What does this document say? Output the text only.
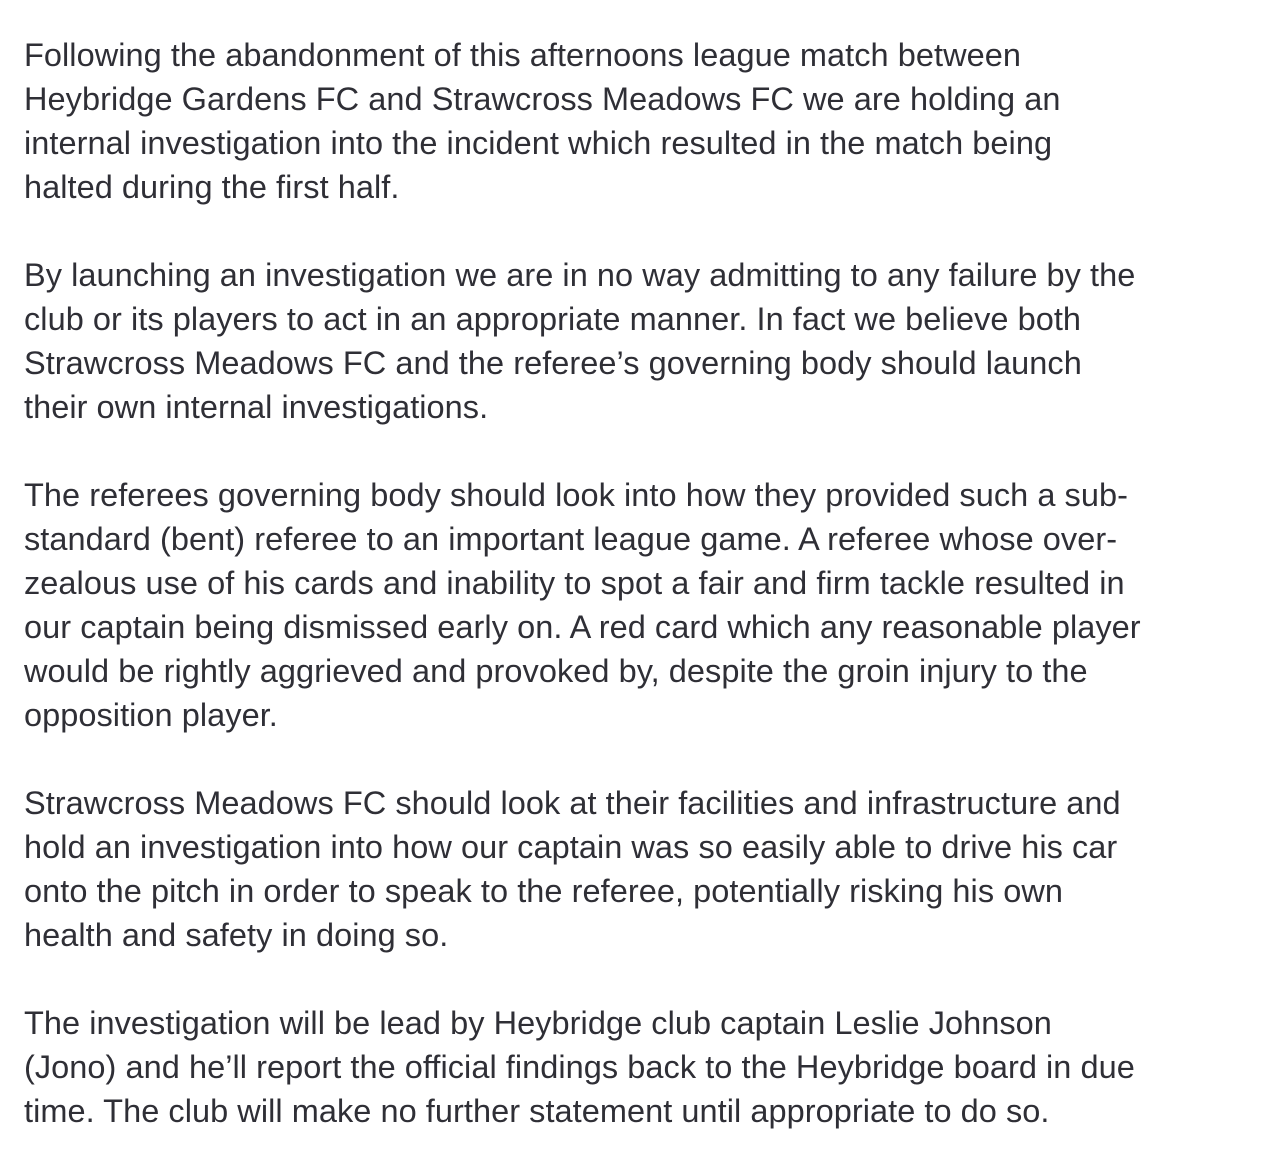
Following the abandonment of this afternoons league match between
Heybridge Gardens FC and Strawcross Meadows FC we are holding an
internal investigation into the incident which resulted in the match being
halted during the first half.

By launching an investigation we are in no way admitting to any failure by the
club or its players to act in an appropriate manner. In fact we believe both
Strawcross Meadows FC and the referee’s governing body should launch
their own internal investigations.

The referees governing body should look into how they provided such a sub-
standard (bent) referee to an important league game. A referee whose over-
zealous use of his cards and inability to spot a fair and firm tackle resulted in
our captain being dismissed early on. A red card which any reasonable player
would be rightly aggrieved and provoked by, despite the groin injury to the
opposition player.

Strawcross Meadows FC should look at their facilities and infrastructure and
hold an investigation into how our captain was so easily able to drive his car
onto the pitch in order to speak to the referee, potentially risking his own
health and safety in doing so.

The investigation will be lead by Heybridge club captain Leslie Johnson
(Jono) and he’ll report the official findings back to the Heybridge board in due
time. The club will make no further statement until appropriate to do so.
